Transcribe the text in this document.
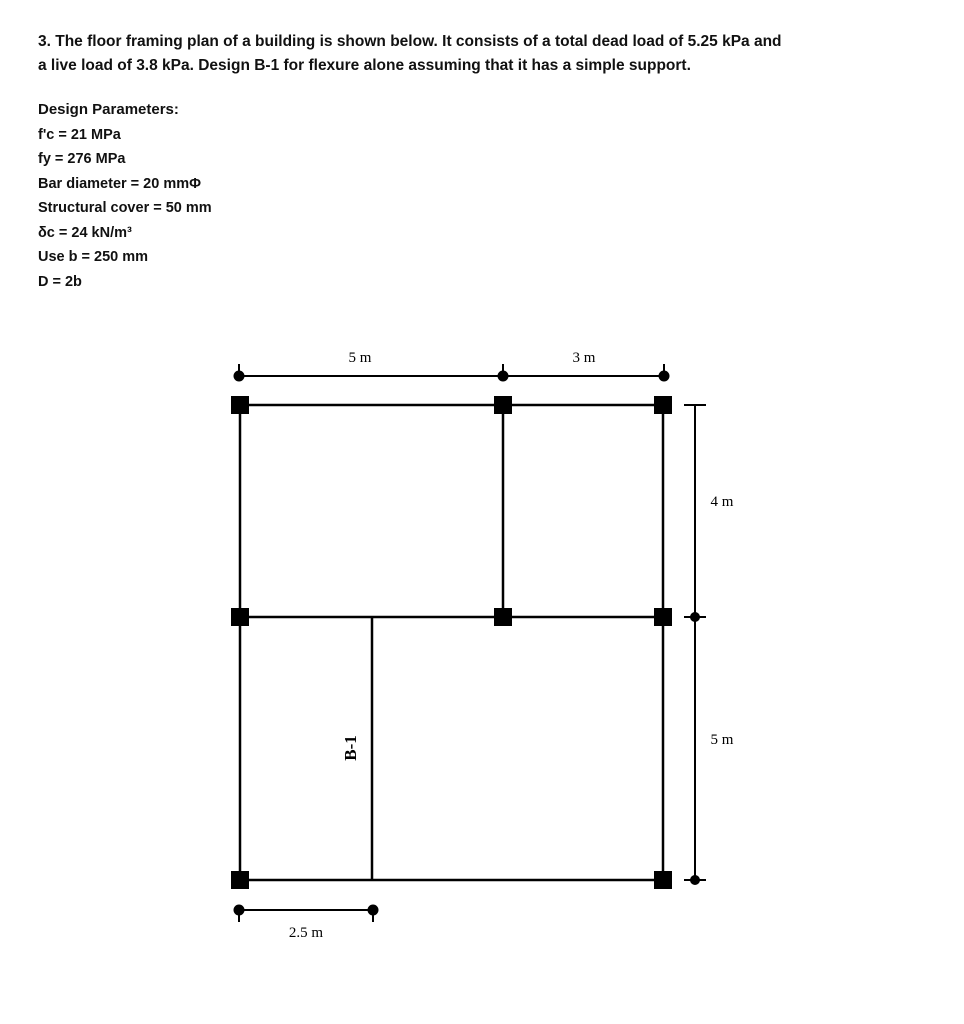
3. The floor framing plan of a building is shown below. It consists of a total dead load of 5.25 kPa and

a live load of 3.8 kPa. Design B-1 for flexure alone assuming that it has a simple support.

Design Parameters:
f'c = 21 MPa
fy = 276 MPa
Bar diameter = 20 mmΦ
Structural cover = 50 mm
δc = 24 kN/m³
Use b = 250 mm
D = 2b
5 m	3 m
4 m
5 m
B-1
2.5 m
